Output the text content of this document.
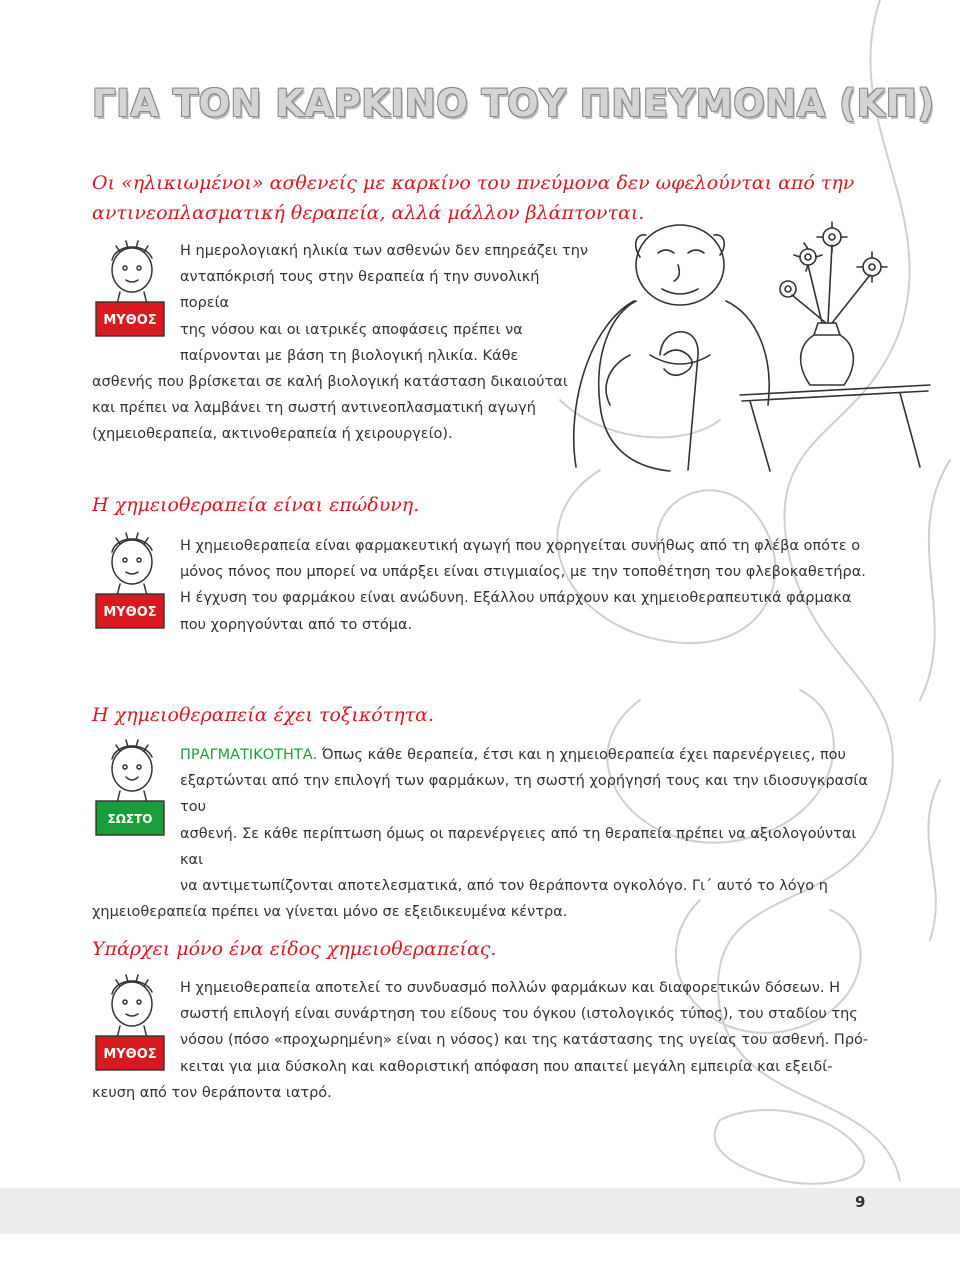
ΓΙΑ ΤΟΝ ΚΑΡΚΙΝΟ ΤΟΥ ΠΝΕΥΜΟΝΑ (ΚΠ)

Οι «ηλικιωμένοι» ασθενείς με καρκίνο του πνεύμονα δεν ωφελούνται από την

αντινεοπλασματική θεραπεία, αλλά μάλλον βλάπτονται.

ΜΥΘΟΣ

Η ημερολογιακή ηλικία των ασθενών δεν επηρεάζει την

ανταπόκρισή τους στην θεραπεία ή την συνολική πορεία

της νόσου και οι ιατρικές αποφάσεις πρέπει να

παίρνονται με βάση τη βιολογική ηλικία. Κάθε

ασθενής που βρίσκεται σε καλή βιολογική κατάσταση δικαιούται

και πρέπει να λαμβάνει τη σωστή αντινεοπλασματική αγωγή

(χημειοθεραπεία, ακτινοθεραπεία ή χειρουργείο).

Η χημειοθεραπεία είναι επώδυνη.

ΜΥΘΟΣ

Η χημειοθεραπεία είναι φαρμακευτική αγωγή που χορηγείται συνήθως από τη φλέβα οπότε ο

μόνος πόνος που μπορεί να υπάρξει είναι στιγμιαίος, με την τοποθέτηση του φλεβοκαθετήρα.

Η έγχυση του φαρμάκου είναι ανώδυνη. Εξάλλου υπάρχουν και χημειοθεραπευτικά φάρμακα

που χορηγούνται από το στόμα.

Η χημειοθεραπεία έχει τοξικότητα.

ΣΩΣΤΟ

ΠΡΑΓΜΑΤΙΚΟΤΗΤΑ. Όπως κάθε θεραπεία, έτσι και η χημειοθεραπεία έχει παρενέργειες, που

εξαρτώνται από την επιλογή των φαρμάκων, τη σωστή χορήγησή τους και την ιδιοσυγκρασία του

ασθενή. Σε κάθε περίπτωση όμως οι παρενέργειες από τη θεραπεία πρέπει να αξιολογούνται και

να αντιμετωπίζονται αποτελεσματικά, από τον θεράποντα ογκολόγο. Γι΄ αυτό το λόγο η

χημειοθεραπεία πρέπει να γίνεται μόνο σε εξειδικευμένα κέντρα.

Υπάρχει μόνο ένα είδος χημειοθεραπείας.

ΜΥΘΟΣ

Η χημειοθεραπεία αποτελεί το συνδυασμό πολλών φαρμάκων και διαφορετικών δόσεων. Η

σωστή επιλογή είναι συνάρτηση του είδους του όγκου (ιστολογικός τύπος), του σταδίου της

νόσου (πόσο «προχωρημένη» είναι η νόσος) και της κατάστασης της υγείας του ασθενή. Πρό-

κειται για μια δύσκολη και καθοριστική απόφαση που απαιτεί μεγάλη εμπειρία και εξειδί-

κευση από τον θεράποντα ιατρό.

9
